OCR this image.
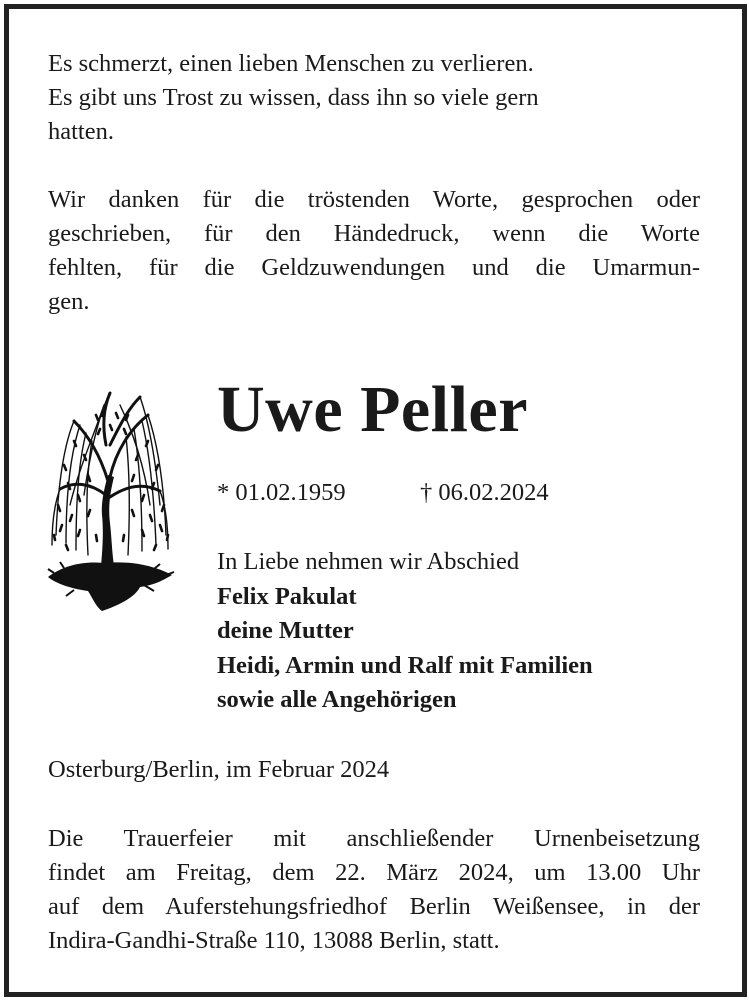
Es schmerzt, einen lieben Menschen zu verlieren.
Es gibt uns Trost zu wissen, dass ihn so viele gern
hatten.
Wir danken für die tröstenden Worte, gesprochen oder
geschrieben, für den Händedruck, wenn die Worte
fehlten, für die Geldzuwendungen und die Umarmun-
gen.
Uwe Peller
* 01.02.1959	† 06.02.2024
In Liebe nehmen wir Abschied
Felix Pakulat
deine Mutter
Heidi, Armin und Ralf mit Familien
sowie alle Angehörigen
Osterburg/Berlin, im Februar 2024
Die Trauerfeier mit anschließender Urnenbeisetzung
findet am Freitag, dem 22. März 2024, um 13.00 Uhr
auf dem Auferstehungsfriedhof Berlin Weißensee, in der
Indira-Gandhi-Straße 110, 13088 Berlin, statt.
